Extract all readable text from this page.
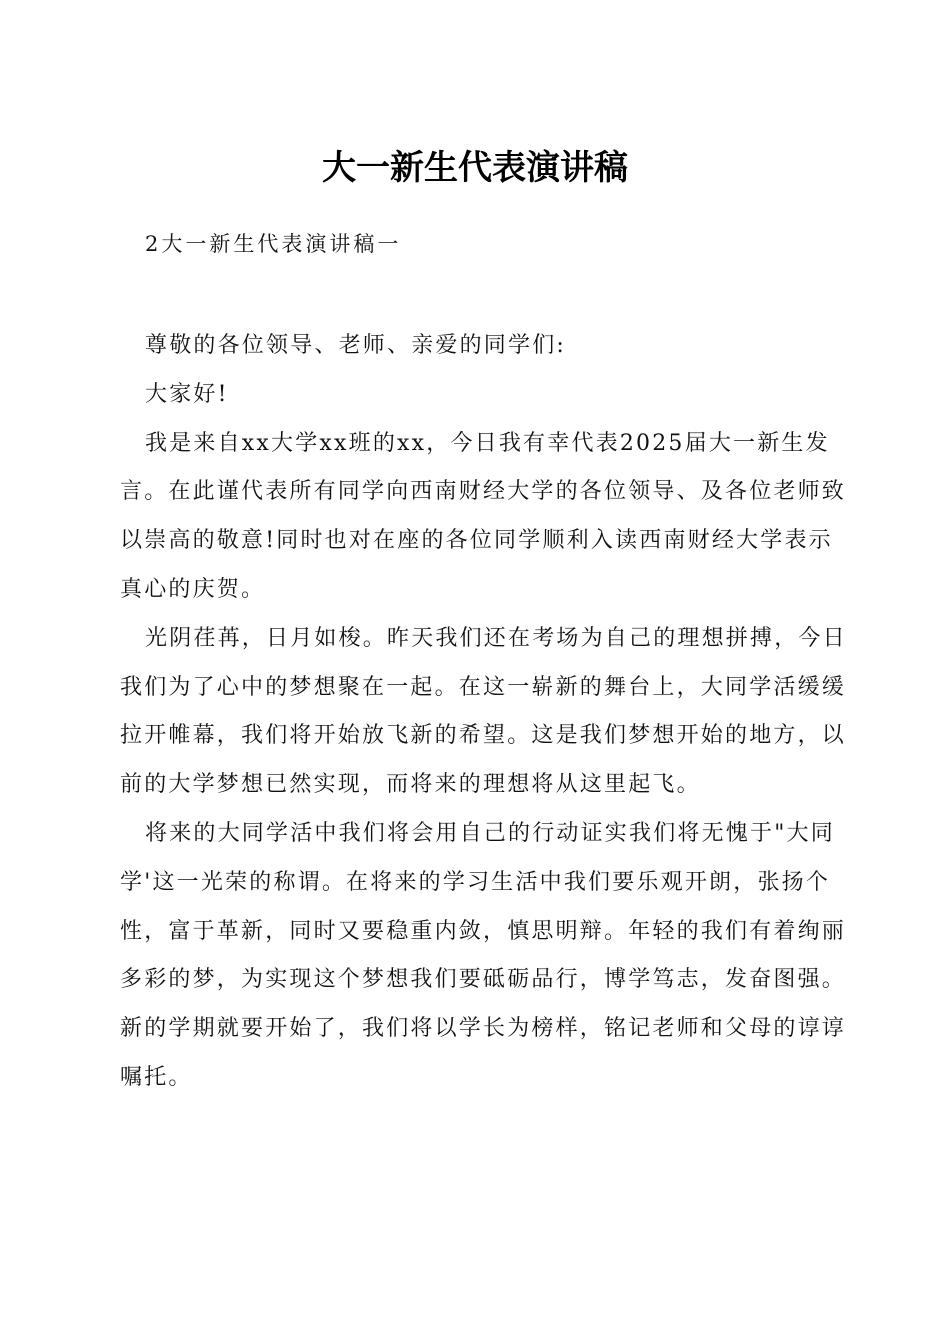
大一新生代表演讲稿
2大一新生代表演讲稿一

尊敬的各位领导、老师、亲爱的同学们:

大家好!

我是来自xx大学xx班的xx，今日我有幸代表2025届大一新生发言。在此谨代表所有同学向西南财经大学的各位领导、及各位老师致以崇高的敬意!同时也对在座的各位同学顺利入读西南财经大学表示真心的庆贺。

光阴荏苒，日月如梭。昨天我们还在考场为自己的理想拼搏，今日我们为了心中的梦想聚在一起。在这一崭新的舞台上，大同学活缓缓拉开帷幕，我们将开始放飞新的希望。这是我们梦想开始的地方，以前的大学梦想已然实现，而将来的理想将从这里起飞。

将来的大同学活中我们将会用自己的行动证实我们将无愧于"大同学'这一光荣的称谓。在将来的学习生活中我们要乐观开朗，张扬个性，富于革新，同时又要稳重内敛，慎思明辩。年轻的我们有着绚丽多彩的梦，为实现这个梦想我们要砥砺品行，博学笃志，发奋图强。新的学期就要开始了，我们将以学长为榜样，铭记老师和父母的谆谆嘱托。
